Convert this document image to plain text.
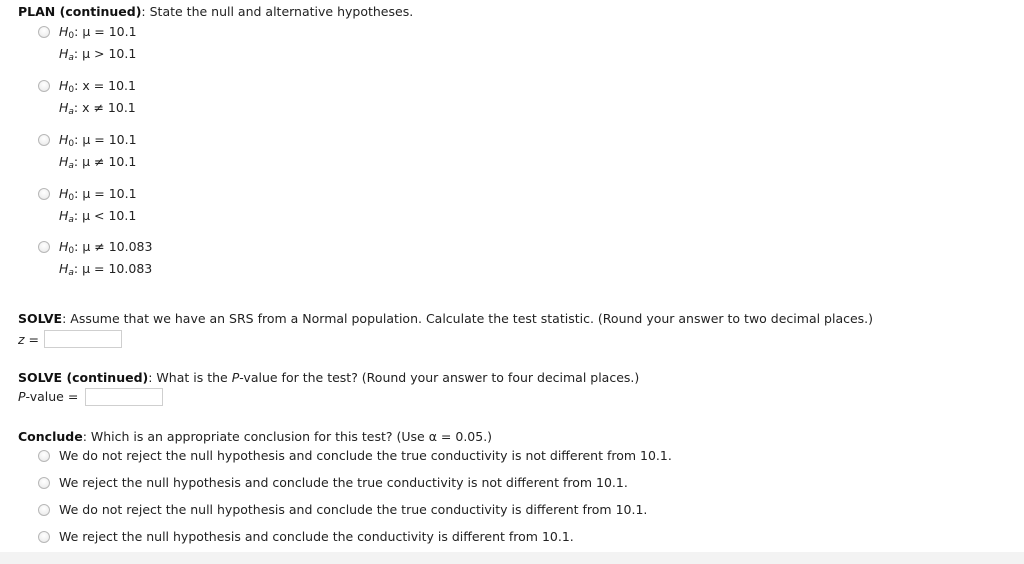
PLAN (continued): State the null and alternative hypotheses.
H0: μ = 10.1
Ha: μ > 10.1
H0: x = 10.1
Ha: x ≠ 10.1
H0: μ = 10.1
Ha: μ ≠ 10.1
H0: μ = 10.1
Ha: μ < 10.1
H0: μ ≠ 10.083
Ha: μ = 10.083
SOLVE: Assume that we have an SRS from a Normal population. Calculate the test statistic. (Round your answer to two decimal places.)
z =
SOLVE (continued): What is the P-value for the test? (Round your answer to four decimal places.)
P-value =
Conclude: Which is an appropriate conclusion for this test? (Use α = 0.05.)
We do not reject the null hypothesis and conclude the true conductivity is not different from 10.1.
We reject the null hypothesis and conclude the true conductivity is not different from 10.1.
We do not reject the null hypothesis and conclude the true conductivity is different from 10.1.
We reject the null hypothesis and conclude the conductivity is different from 10.1.
